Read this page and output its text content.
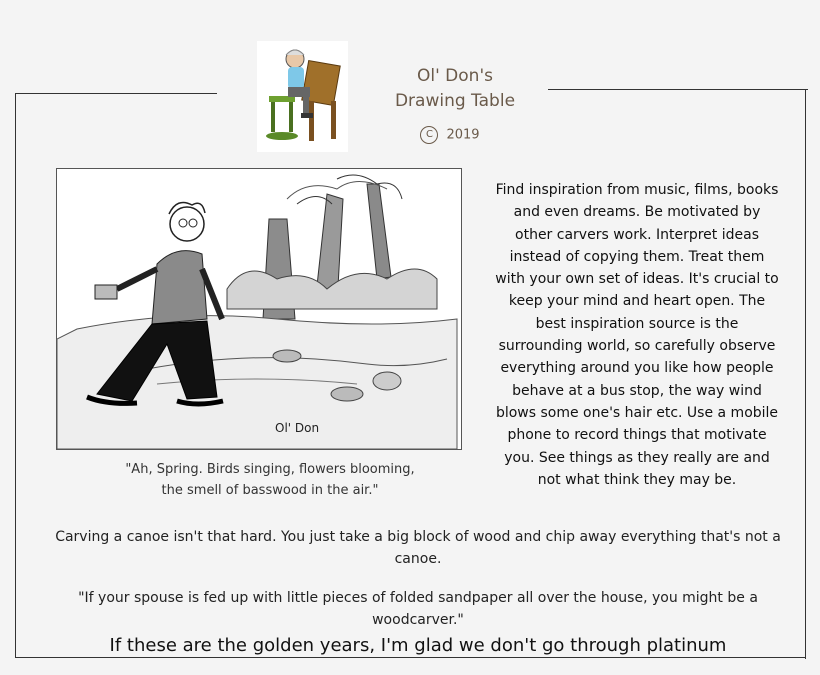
Ol' Don's
Drawing Table
C 2019
Ol' Don
"Ah, Spring. Birds singing, flowers blooming,
the smell of basswood in the air."
Find inspiration from music, films, books and even dreams. Be motivated by other carvers work. Interpret ideas instead of copying them. Treat them with your own set of ideas. It's crucial to keep your mind and heart open. The best inspiration source is the surrounding world, so carefully observe everything around you like how people behave at a bus stop, the way wind blows some one's hair etc. Use a mobile phone to record things that motivate you. See things as they really are and not what think they may be.
Carving a canoe isn't that hard. You just take a big block of wood and chip away everything that's not a canoe.
"If your spouse is fed up with little pieces of folded sandpaper all over the house, you might be a woodcarver."
If these are the golden years, I'm glad we don't go through platinum
